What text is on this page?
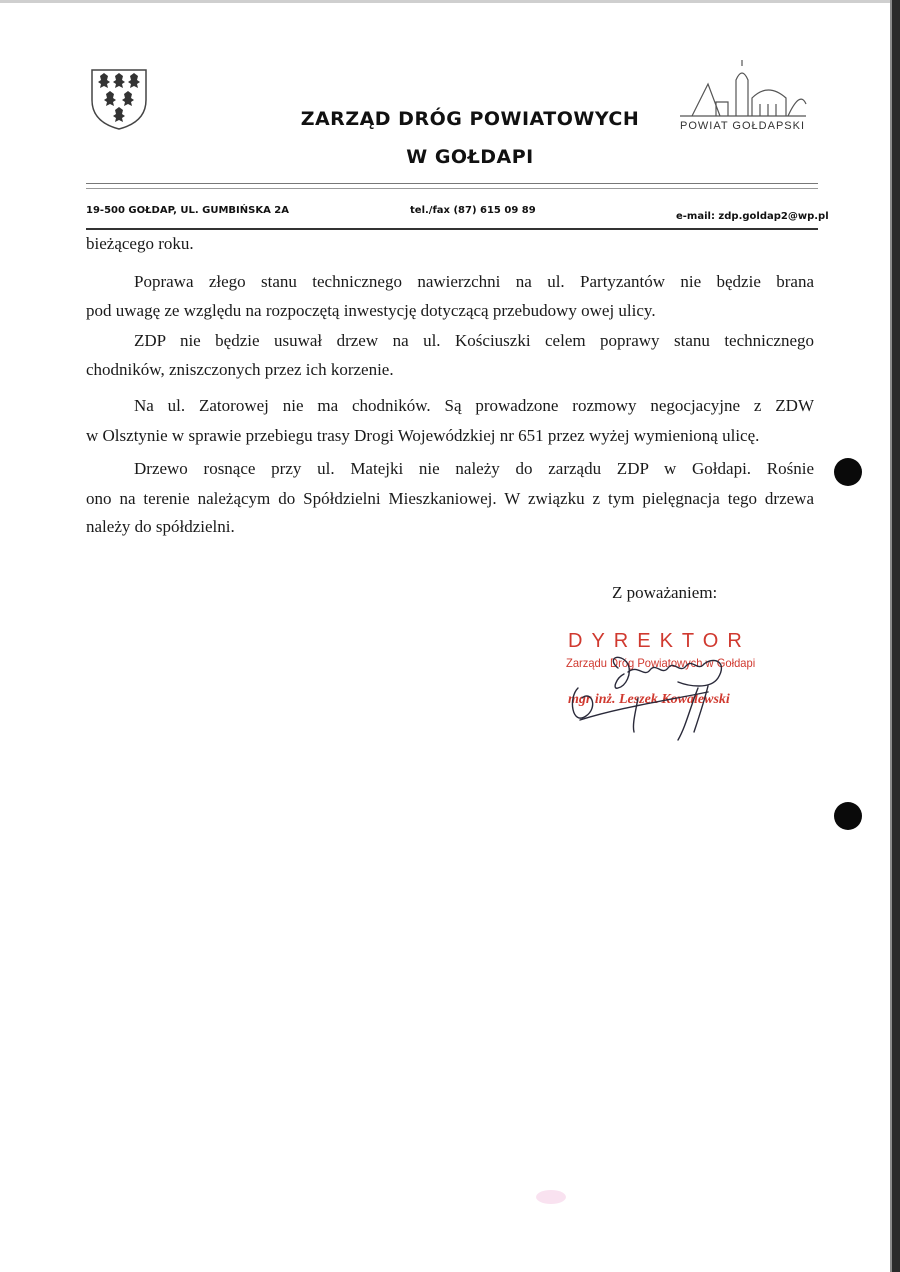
ZARZĄD DRÓG POWIATOWYCH
W GOŁDAPI
POWIAT GOŁDAPSKI
19-500 GOŁDAP, UL. GUMBIŃSKA 2A	tel./fax (87) 615 09 89
e-mail: zdp.goldap2@wp.pl
bieżącego roku.
Poprawa złego stanu technicznego nawierzchni na ul. Partyzantów nie będzie brana
pod uwagę ze względu na rozpoczętą inwestycję dotyczącą przebudowy owej ulicy.
ZDP nie będzie usuwał drzew na ul. Kościuszki celem poprawy stanu technicznego
chodników, zniszczonych przez ich korzenie.
Na ul. Zatorowej nie ma chodników. Są prowadzone rozmowy negocjacyjne z ZDW
w Olsztynie w sprawie przebiegu trasy Drogi Wojewódzkiej nr 651 przez wyżej wymienioną ulicę.
Drzewo rosnące przy ul. Matejki nie należy do zarządu ZDP w Gołdapi. Rośnie
ono na terenie należącym do Spółdzielni Mieszkaniowej. W związku z tym pielęgnacja tego drzewa
należy do spółdzielni.
Z poważaniem:
DYREKTOR
Zarządu Dróg Powiatowych w Gołdapi
mgr inż. Leszek Kowalewski
